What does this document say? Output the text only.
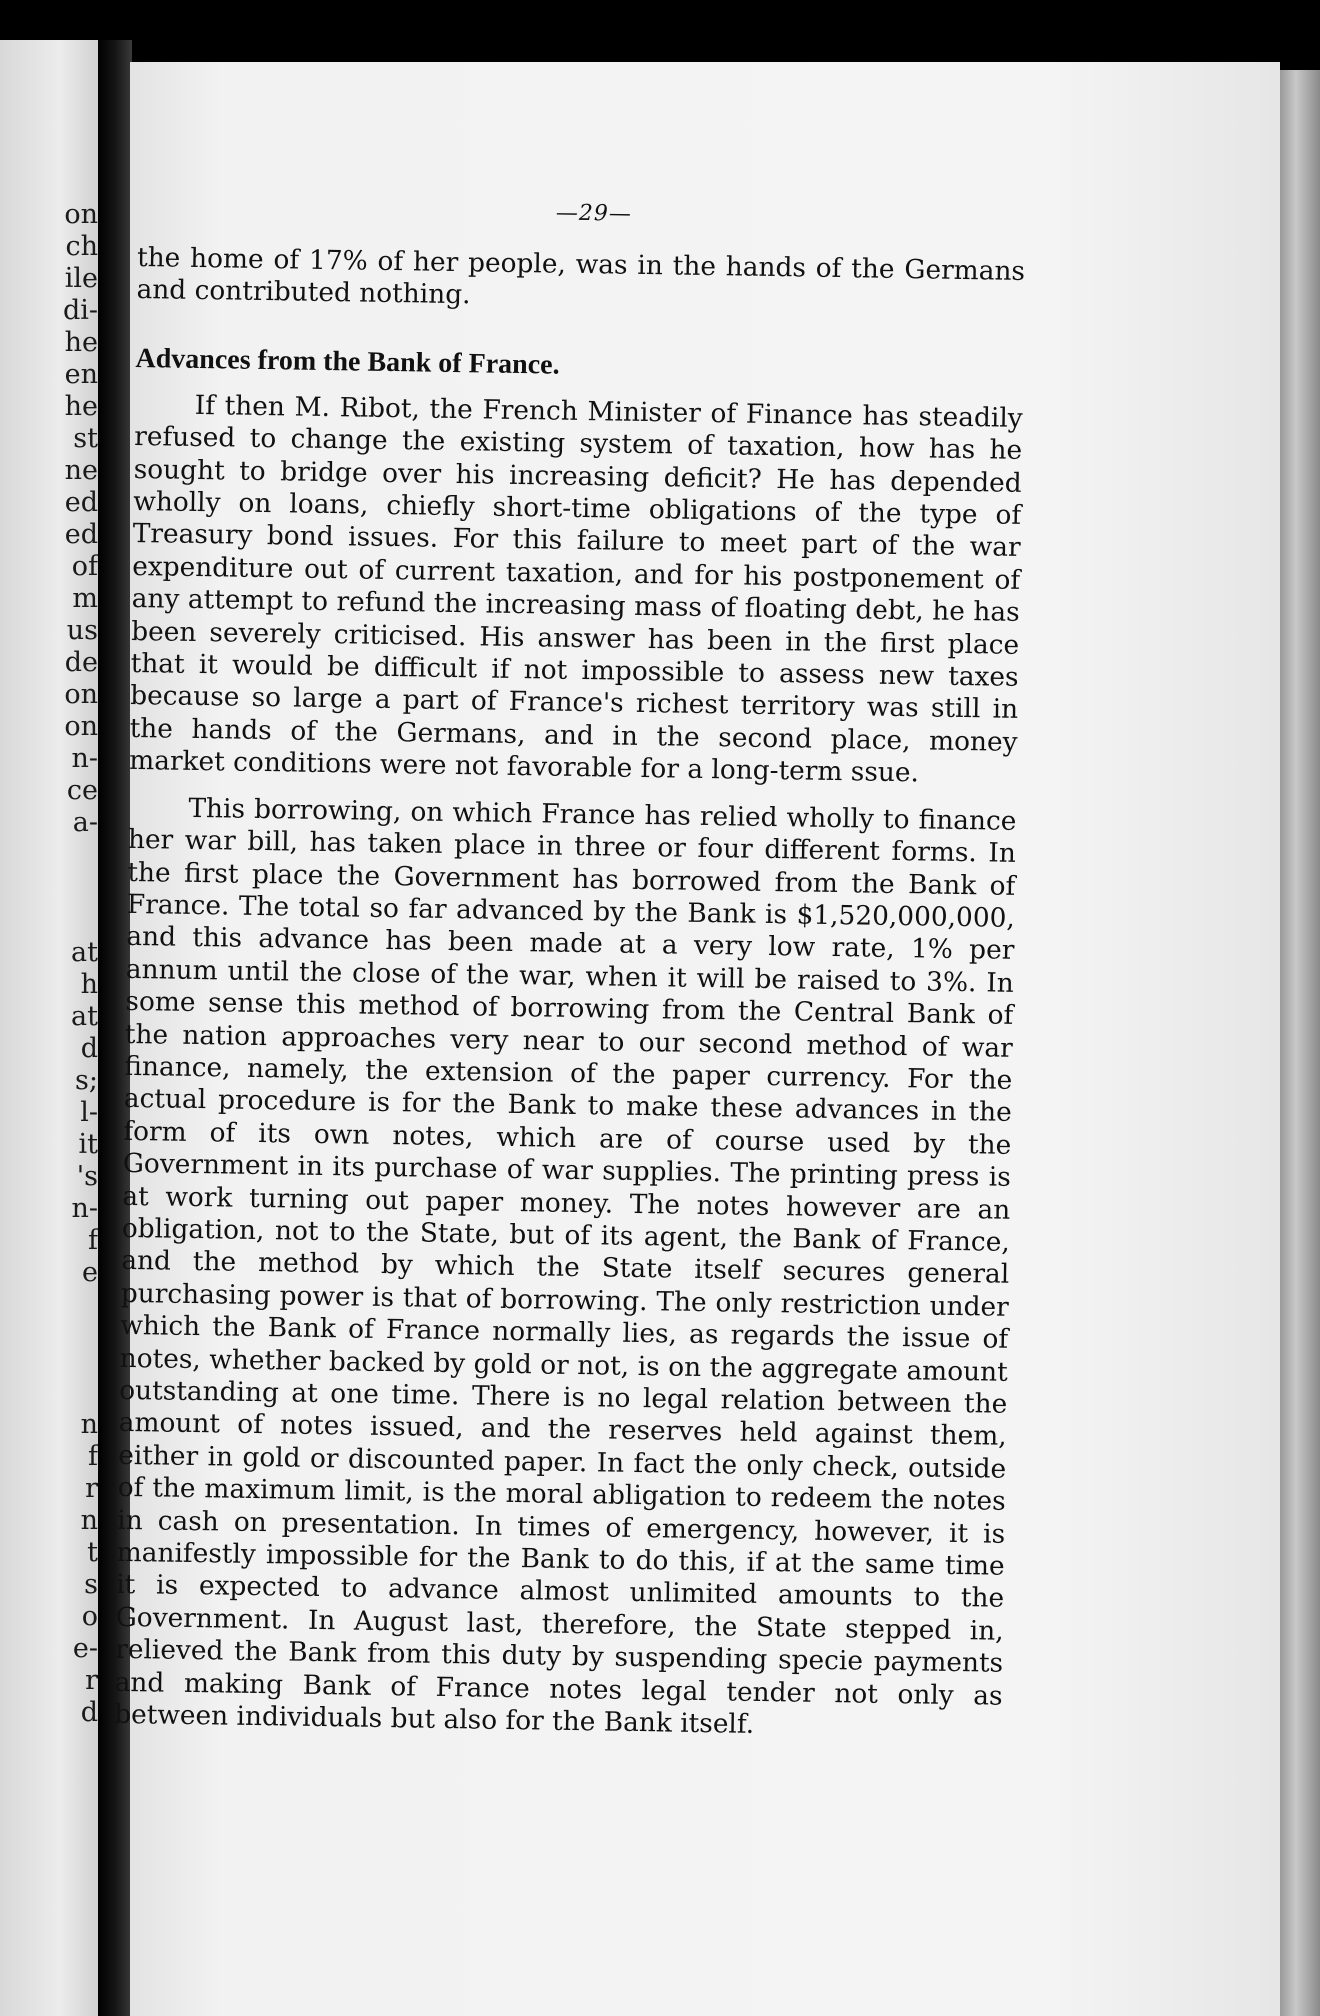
on
ch
ile
di-
he
en
he
st
ne
ed
ed
of
m
us
de
on
on
n-
ce
a-
at
h
at
d
s;
l-
it
's
n-
f
e
n
f
r
n
t
s
o
e-
r
d
—29—

the home of 17% of her people, was in the hands of the Germans and contributed nothing.

Advances from the Bank of France.

If then M. Ribot, the French Minister of Finance has steadily refused to change the existing system of taxation, how has he sought to bridge over his increasing deficit? He has depended wholly on loans, chiefly short-time obligations of the type of Treasury bond issues. For this failure to meet part of the war expenditure out of current taxation, and for his postponement of any attempt to refund the increasing mass of floating debt, he has been severely criticised. His answer has been in the first place that it would be difficult if not impossible to assess new taxes because so large a part of France's richest territory was still in the hands of the Germans, and in the second place, money market conditions were not favorable for a long-term ssue.

This borrowing, on which France has relied wholly to finance her war bill, has taken place in three or four different forms. In the first place the Government has borrowed from the Bank of France. The total so far advanced by the Bank is $1,520,000,000, and this advance has been made at a very low rate, 1% per annum until the close of the war, when it will be raised to 3%. In some sense this method of borrowing from the Central Bank of the nation approaches very near to our second method of war finance, namely, the extension of the paper currency. For the actual procedure is for the Bank to make these advances in the form of its own notes, which are of course used by the Government in its purchase of war supplies. The printing press is at work turning out paper money. The notes however are an obligation, not to the State, but of its agent, the Bank of France, and the method by which the State itself secures general purchasing power is that of borrowing. The only restriction under which the Bank of France normally lies, as regards the issue of notes, whether backed by gold or not, is on the aggregate amount outstanding at one time. There is no legal relation between the amount of notes issued, and the reserves held against them, either in gold or discounted paper. In fact the only check, outside of the maximum limit, is the moral abligation to redeem the notes in cash on presentation. In times of emergency, however, it is manifestly impossible for the Bank to do this, if at the same time it is expected to advance almost unlimited amounts to the Government. In August last, therefore, the State stepped in, relieved the Bank from this duty by suspending specie payments and making Bank of France notes legal tender not only as between individuals but also for the Bank itself.
